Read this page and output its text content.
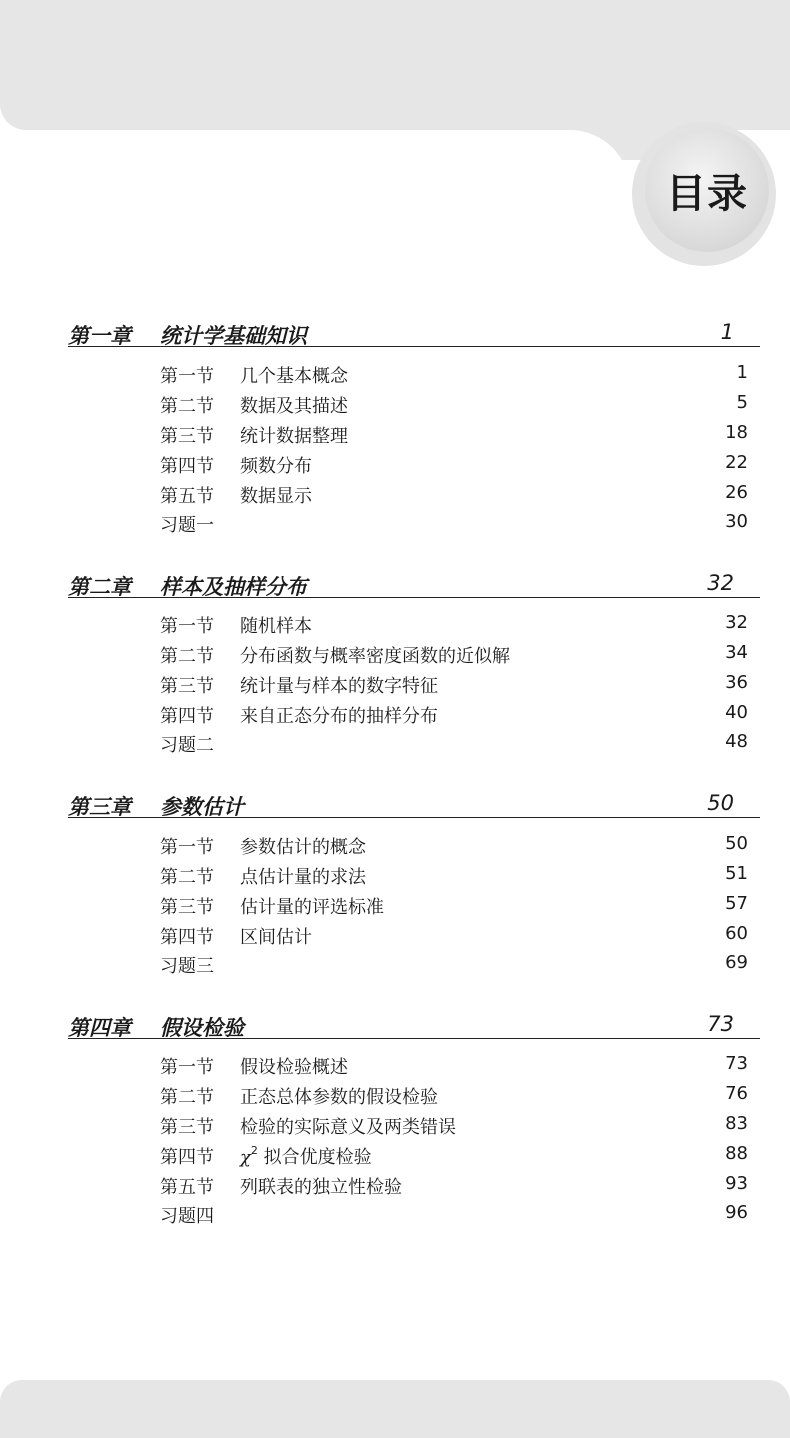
目录
第一章 统计学基础知识	1
第一节 几个基本概念	1
第二节 数据及其描述	5
第三节 统计数据整理	18
第四节 频数分布	22
第五节 数据显示	26
习题一	30
第二章 样本及抽样分布	32
第一节 随机样本	32
第二节 分布函数与概率密度函数的近似解	34
第三节 统计量与样本的数字特征	36
第四节 来自正态分布的抽样分布	40
习题二	48
第三章 参数估计	50
第一节 参数估计的概念	50
第二节 点估计量的求法	51
第三节 估计量的评选标准	57
第四节 区间估计	60
习题三	69
第四章 假设检验	73
第一节 假设检验概述	73
第二节 正态总体参数的假设检验	76
第三节 检验的实际意义及两类错误	83
第四节 $\chi^2$ 拟合优度检验	88
第五节 列联表的独立性检验	93
习题四	96
